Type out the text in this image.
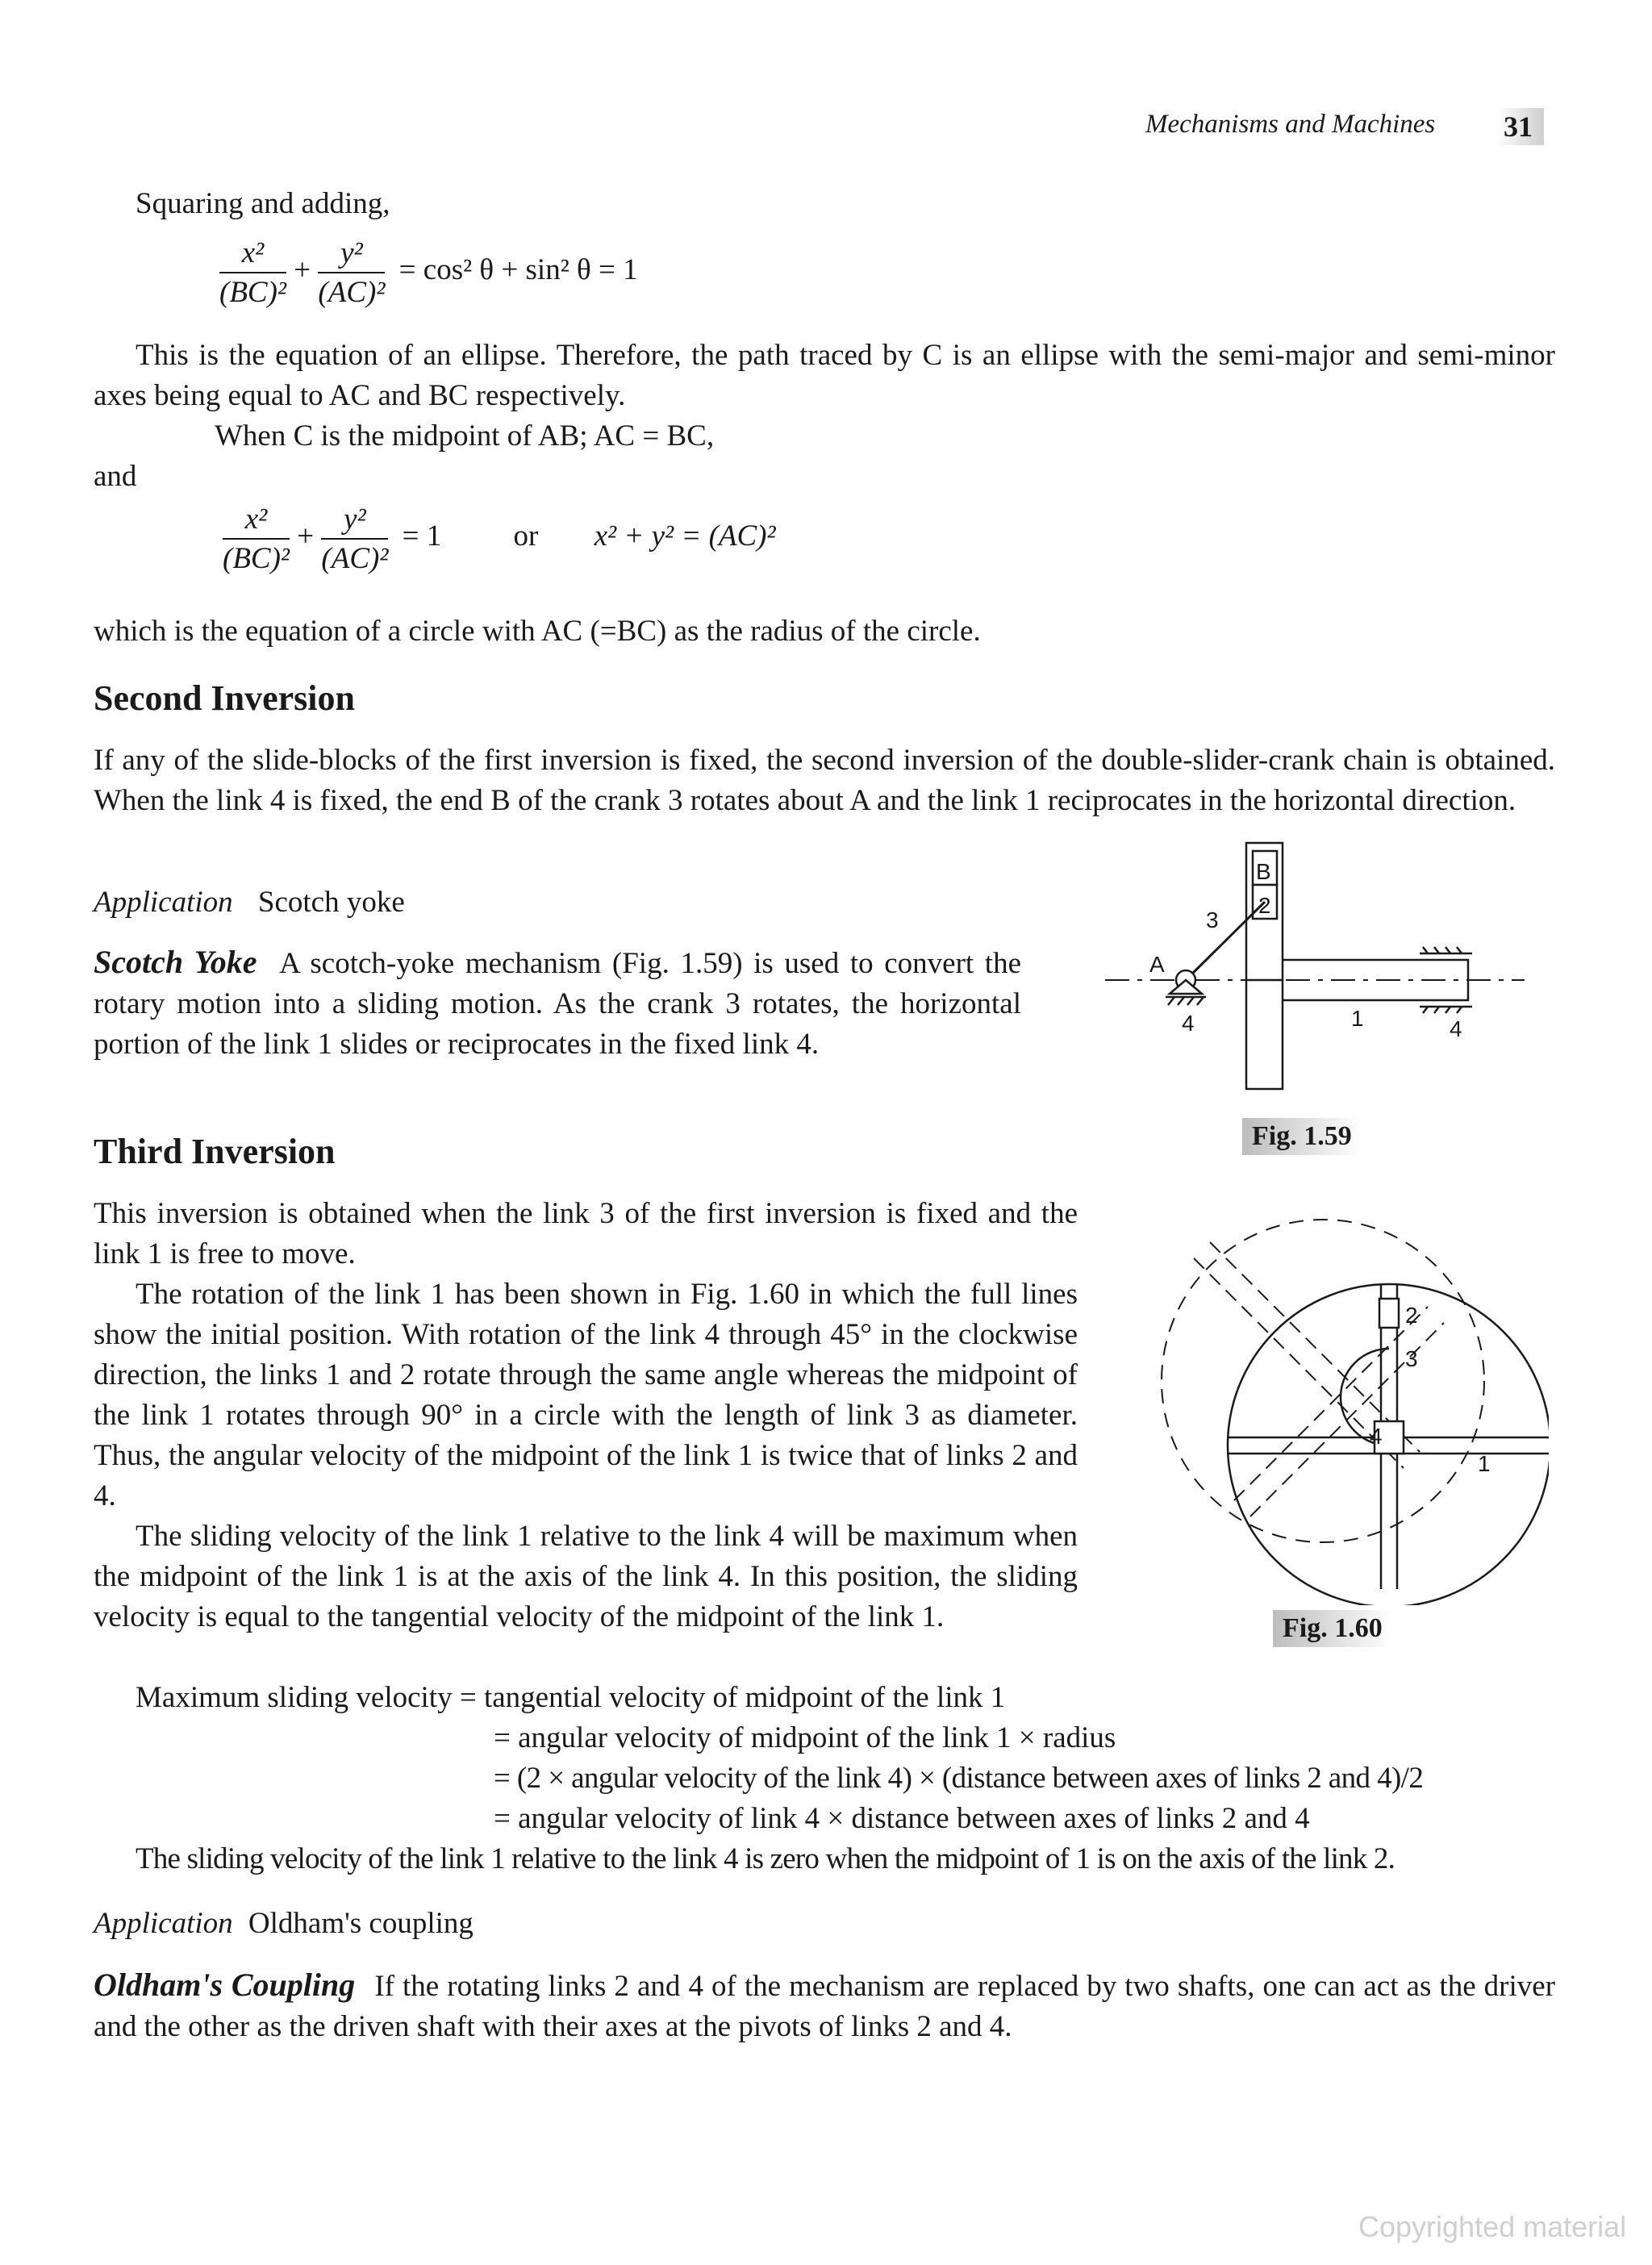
Mechanisms and Machines 31
Squaring and adding,
$\frac{\text{x²}}{\text{(BC)²}} + \frac{\text{y²}}{\text{(AC)²}} = \cos^2$ θ + sin² θ = 1
This is the equation of an ellipse. Therefore, the path traced by C is an ellipse with the semi-major and semi-minor axes being equal to AC and BC respectively.
When C is the midpoint of AB; AC = BC,
and
$\frac{\text{x²}}{\text{(BC)²}} + \frac{\text{y²}}{\text{(AC)²}} = 1$ or x² + y² = (AC)²
which is the equation of a circle with AC (=BC) as the radius of the circle.
Second Inversion
If any of the slide-blocks of the first inversion is fixed, the second inversion of the double-slider-crank chain is obtained. When the link 4 is fixed, the end B of the crank 3 rotates about A and the link 1 reciprocates in the horizontal direction.
Application Scotch yoke
Scotch Yoke A scotch-yoke mechanism (Fig. 1.59) is used to convert the rotary motion into a sliding motion. As the crank 3 rotates, the horizontal portion of the link 1 slides or reciprocates in the fixed link 4.
B
2
A
3
4	1	4
Fig. 1.59
Third Inversion
This inversion is obtained when the link 3 of the first inversion is fixed and the link 1 is free to move.
The rotation of the link 1 has been shown in Fig. 1.60 in which the full lines show the initial position. With rotation of the link 4 through 45° in the clockwise direction, the links 1 and 2 rotate through the same angle whereas the midpoint of the link 1 rotates through 90° in a circle with the length of link 3 as diameter. Thus, the angular velocity of the midpoint of the link 1 is twice that of links 2 and 4.
The sliding velocity of the link 1 relative to the link 4 will be maximum when the midpoint of the link 1 is at the axis of the link 4. In this position, the sliding velocity is equal to the tangential velocity of the midpoint of the link 1.
2
3
4
1
Fig. 1.60
Maximum sliding velocity = tangential velocity of midpoint of the link 1
= angular velocity of midpoint of the link 1 × radius
= (2 × angular velocity of the link 4) × (distance between axes of links 2 and 4)/2
= angular velocity of link 4 × distance between axes of links 2 and 4
The sliding velocity of the link 1 relative to the link 4 is zero when the midpoint of 1 is on the axis of the link 2.
Application Oldham's coupling
Oldham's Coupling If the rotating links 2 and 4 of the mechanism are replaced by two shafts, one can act as the driver and the other as the driven shaft with their axes at the pivots of links 2 and 4.
Copyrighted material
